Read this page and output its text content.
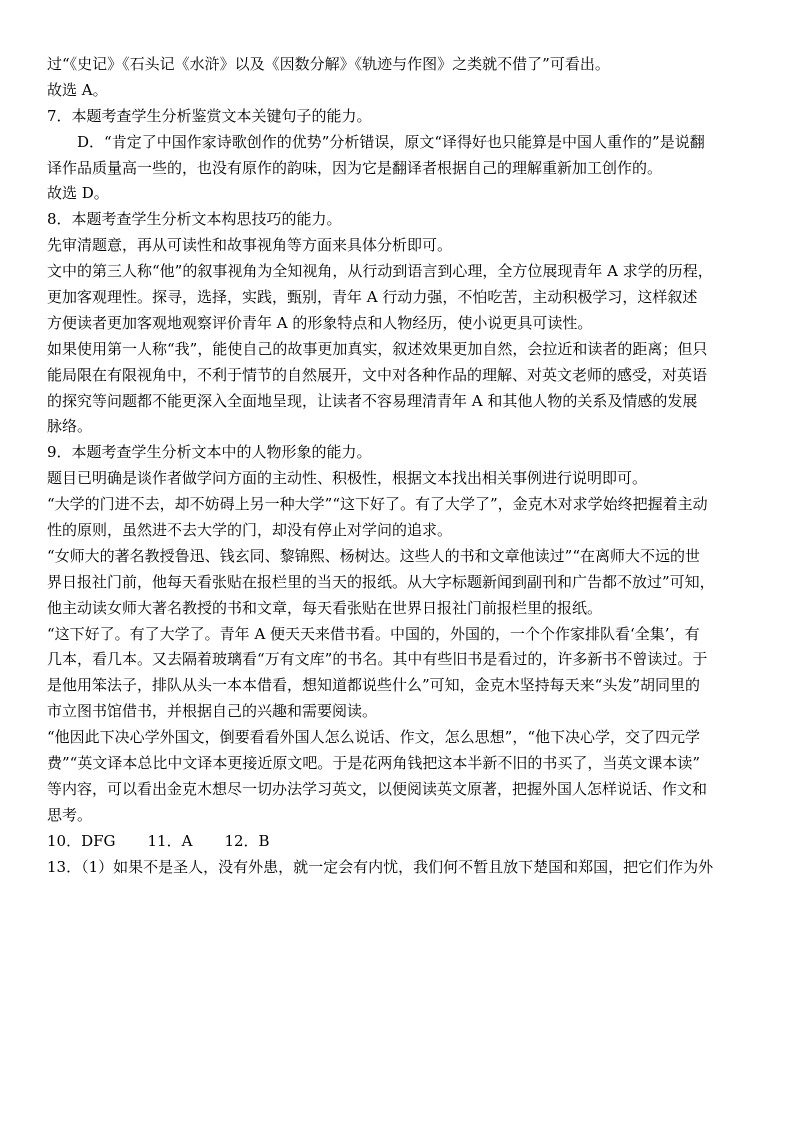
过“《史记》《石头记《水浒》以及《因数分解》《轨迹与作图》之类就不借了”可看出。
故选 A。
7．本题考查学生分析鉴赏文本关键句子的能力。
D．“肯定了中国作家诗歌创作的优势”分析错误，原文“译得好也只能算是中国人重作的”是说翻
译作品质量高一些的，也没有原作的韵味，因为它是翻译者根据自己的理解重新加工创作的。
故选 D。
8．本题考查学生分析文本构思技巧的能力。
先审清题意，再从可读性和故事视角等方面来具体分析即可。
文中的第三人称“他”的叙事视角为全知视角，从行动到语言到心理，全方位展现青年 A 求学的历程，
更加客观理性。探寻，选择，实践，甄别，青年 A 行动力强，不怕吃苦，主动积极学习，这样叙述
方便读者更加客观地观察评价青年 A 的形象特点和人物经历，使小说更具可读性。
如果使用第一人称“我”，能使自己的故事更加真实，叙述效果更加自然，会拉近和读者的距离；但只
能局限在有限视角中，不利于情节的自然展开，文中对各种作品的理解、对英文老师的感受，对英语
的探究等问题都不能更深入全面地呈现，让读者不容易理清青年 A 和其他人物的关系及情感的发展
脉络。
9．本题考查学生分析文本中的人物形象的能力。
题目已明确是谈作者做学问方面的主动性、积极性，根据文本找出相关事例进行说明即可。
“大学的门进不去，却不妨碍上另一种大学”“这下好了。有了大学了”，金克木对求学始终把握着主动
性的原则，虽然进不去大学的门，却没有停止对学问的追求。
“女师大的著名教授鲁迅、钱玄同、黎锦熙、杨树达。这些人的书和文章他读过”“在离师大不远的世
界日报社门前，他每天看张贴在报栏里的当天的报纸。从大字标题新闻到副刊和广告都不放过”可知，
他主动读女师大著名教授的书和文章，每天看张贴在世界日报社门前报栏里的报纸。
“这下好了。有了大学了。青年 A 便天天来借书看。中国的，外国的，一个个作家排队看‘全集’，有
几本，看几本。又去隔着玻璃看“万有文库”的书名。其中有些旧书是看过的，许多新书不曾读过。于
是他用笨法子，排队从头一本本借看，想知道都说些什么”可知，金克木坚持每天来“头发”胡同里的
市立图书馆借书，并根据自己的兴趣和需要阅读。
“他因此下决心学外国文，倒要看看外国人怎么说话、作文，怎么思想”，“他下决心学，交了四元学
费”“英文译本总比中文译本更接近原文吧。于是花两角钱把这本半新不旧的书买了，当英文课本读”
等内容，可以看出金克木想尽一切办法学习英文，以便阅读英文原著，把握外国人怎样说话、作文和
思考。
10．DFG 11．A 12．B
13．（1）如果不是圣人，没有外患，就一定会有内忧，我们何不暂且放下楚国和郑国，把它们作为外
